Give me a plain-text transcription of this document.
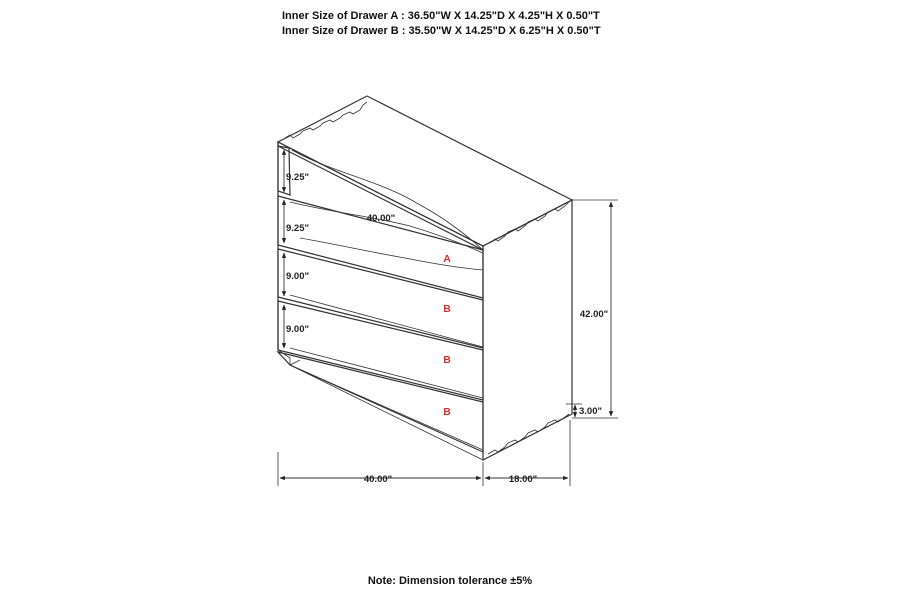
Inner Size of Drawer A : 36.50"W X 14.25"D X 4.25"H X 0.50"T
Inner Size of Drawer B : 35.50"W X 14.25"D X 6.25"H X 0.50"T
A
B
B
B
9.25"
9.25"
9.00"
9.00"
40.00"
42.00"
3.00"
40.00"	18.00"
Note: Dimension tolerance ±5%
